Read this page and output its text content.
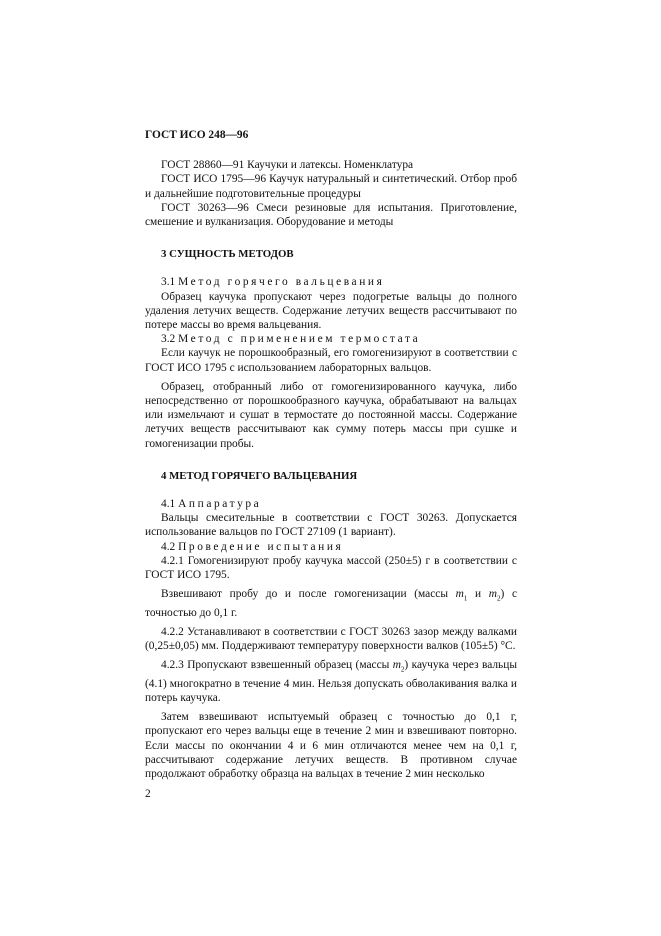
ГОСТ ИСО 248—96

ГОСТ 28860—91 Каучуки и латексы. Номенклатура

ГОСТ ИСО 1795—96 Каучук натуральный и синтетический. Отбор проб и дальнейшие подготовительные процедуры

ГОСТ 30263—96 Смеси резиновые для испытания. Приготовление, смешение и вулканизация. Оборудование и методы

3 СУЩНОСТЬ МЕТОДОВ

3.1 Метод горячего вальцевания

Образец каучука пропускают через подогретые вальцы до полного удаления летучих веществ. Содержание летучих веществ рассчитывают по потере массы во время вальцевания.

3.2 Метод с применением термостата

Если каучук не порошкообразный, его гомогенизируют в соответствии с ГОСТ ИСО 1795 с использованием лабораторных вальцов.

Образец, отобранный либо от гомогенизированного каучука, либо непосредственно от порошкообразного каучука, обрабатывают на вальцах или измельчают и сушат в термостате до постоянной массы. Содержание летучих веществ рассчитывают как сумму потерь массы при сушке и гомогенизации пробы.

4 МЕТОД ГОРЯЧЕГО ВАЛЬЦЕВАНИЯ

4.1 Аппаратура

Вальцы смесительные в соответствии с ГОСТ 30263. Допускается использование вальцов по ГОСТ 27109 (1 вариант).

4.2 Проведение испытания

4.2.1 Гомогенизируют пробу каучука массой (250±5) г в соответствии с ГОСТ ИСО 1795.

Взвешивают пробу до и после гомогенизации (массы $m_1$ и $m_2$) с точностью до 0,1 г.

4.2.2 Устанавливают в соответствии с ГОСТ 30263 зазор между валками (0,25±0,05) мм. Поддерживают температуру поверхности валков (105±5) °С.

4.2.3 Пропускают взвешенный образец (массы $m_2$) каучука через вальцы (4.1) многократно в течение 4 мин. Нельзя допускать обволакивания валка и потерь каучука.

Затем взвешивают испытуемый образец с точностью до 0,1 г, пропускают его через вальцы еще в течение 2 мин и взвешивают повторно. Если массы по окончании 4 и 6 мин отличаются менее чем на 0,1 г, рассчитывают содержание летучих веществ. В противном случае продолжают обработку образца на вальцах в течение 2 мин несколько

2
